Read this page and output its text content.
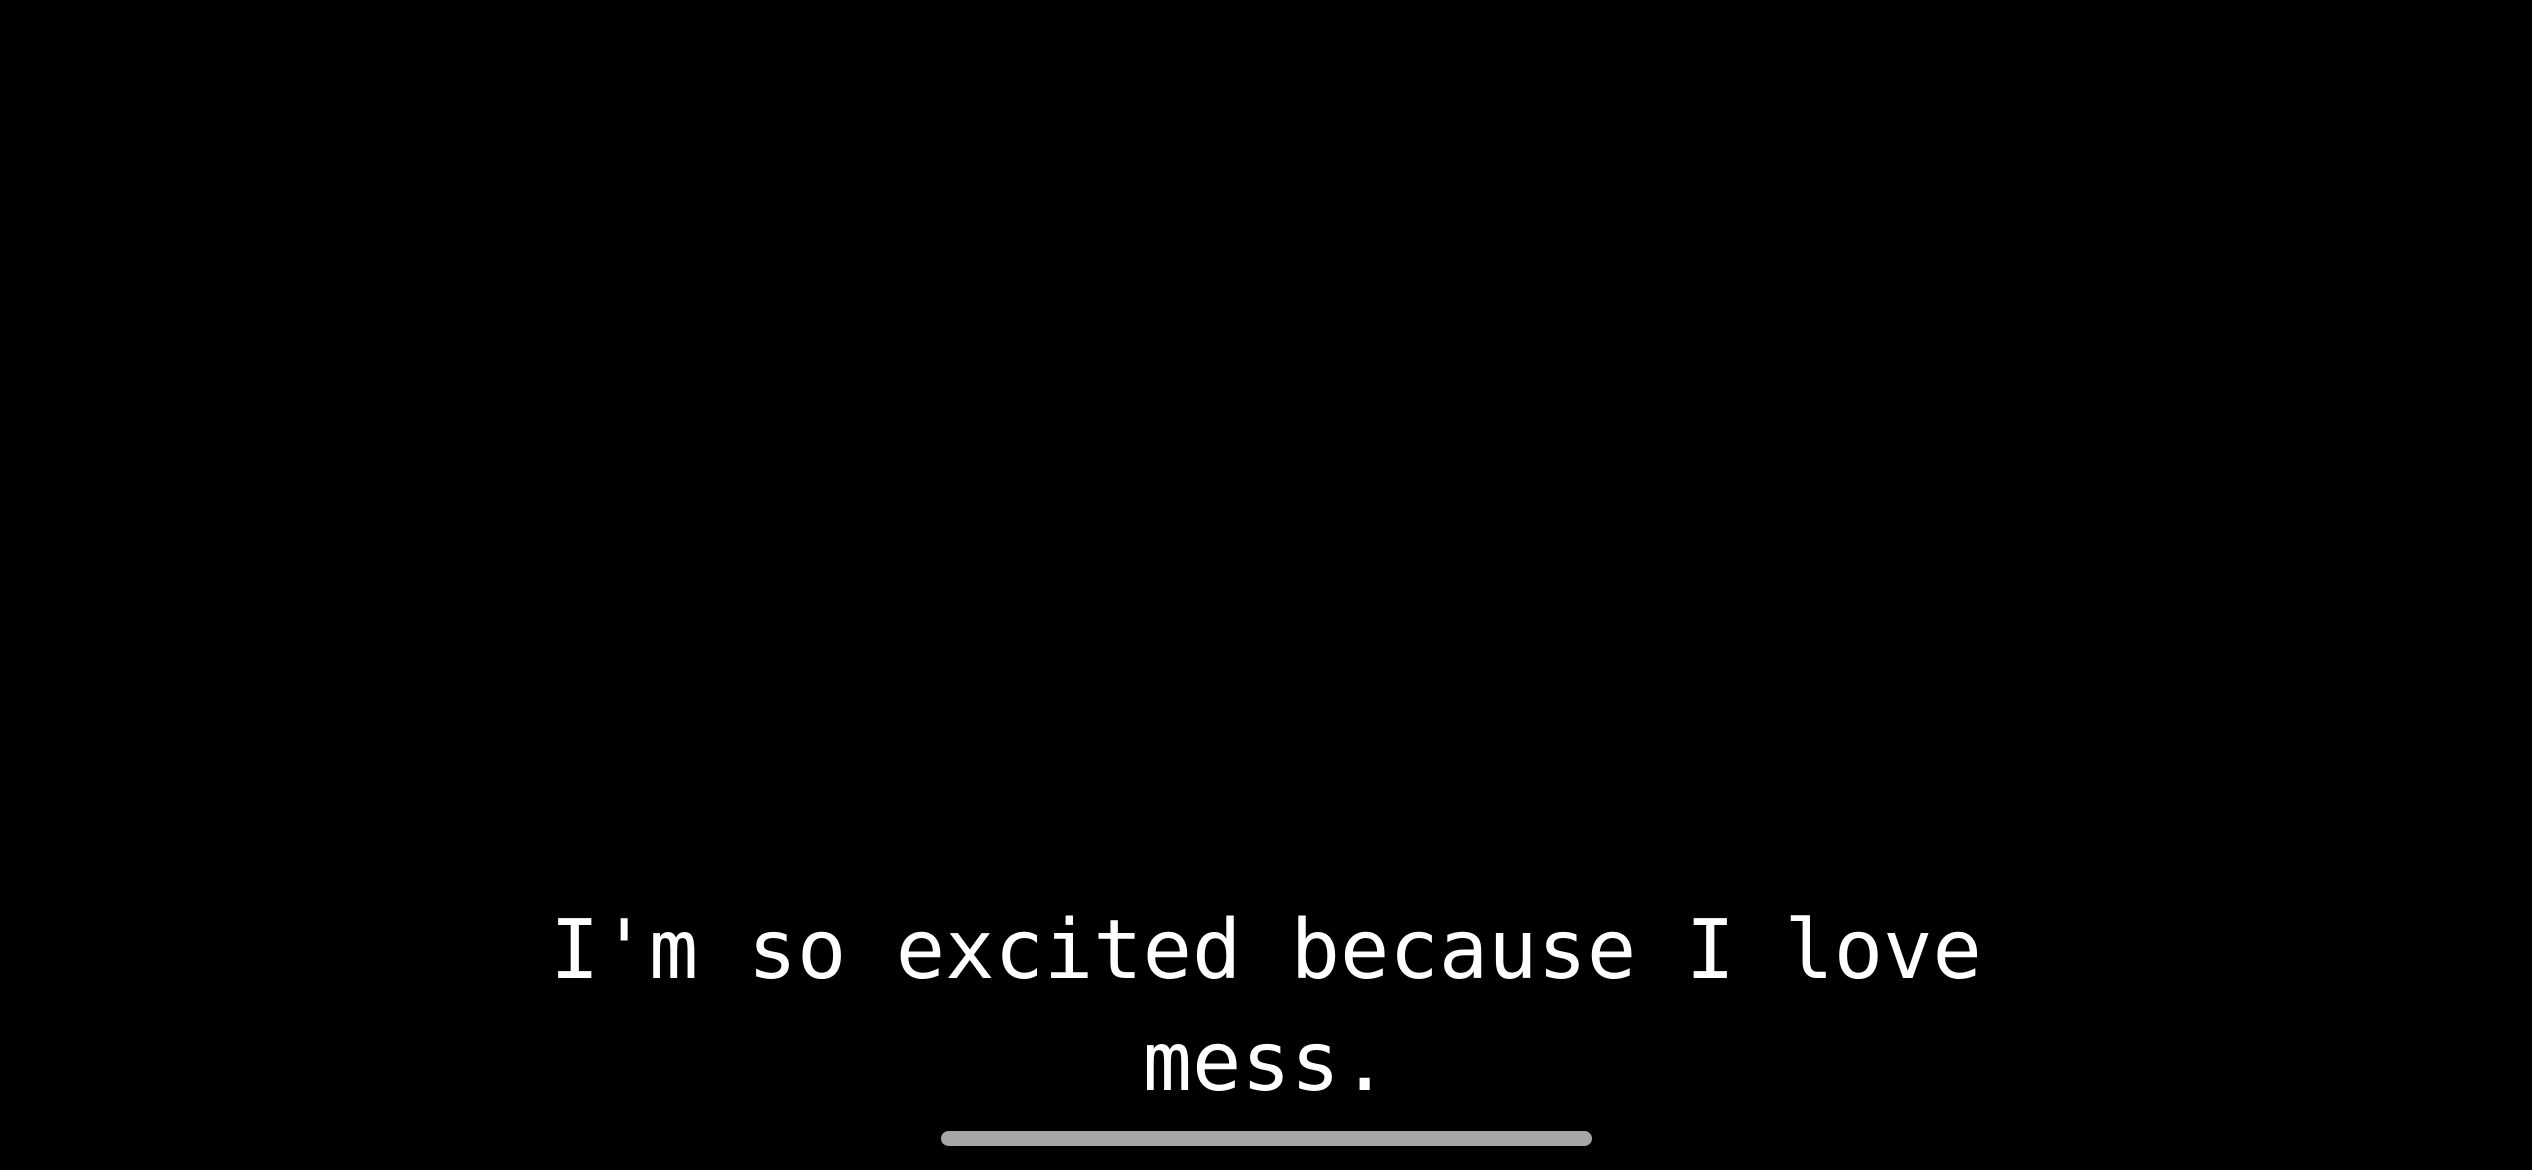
I'm so excited because I love
mess.
